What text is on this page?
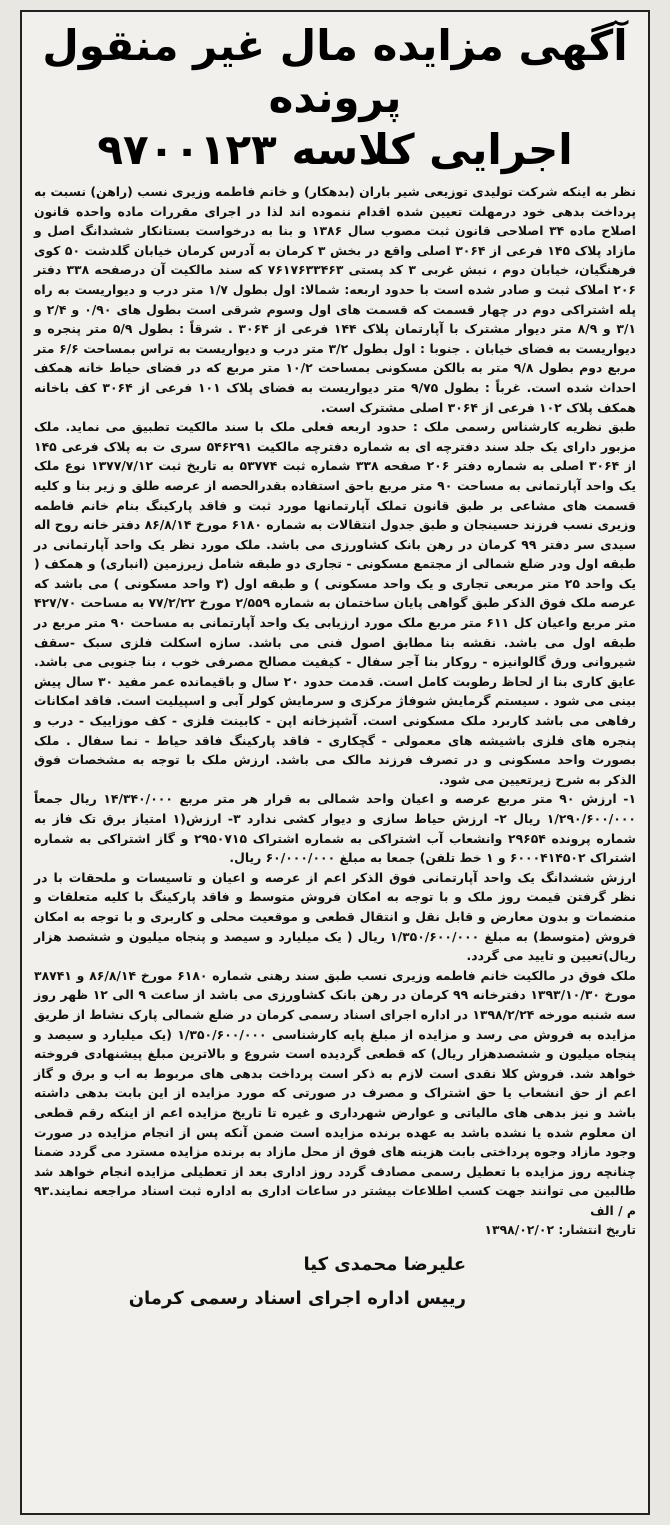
آگهی مزایده مال غیر منقول پرونده
اجرایی کلاسه ۹۷۰۰۱۲۳

نظر به اینکه شرکت تولیدی توزیعی شیر باران (بدهکار) و خانم فاطمه وزیری نسب (راهن) نسبت به پرداخت بدهی خود درمهلت تعیین شده اقدام ننموده اند لذا در اجرای مقررات ماده واحده قانون اصلاح ماده ۳۴ اصلاحی قانون ثبت مصوب سال ۱۳۸۶ و بنا به درخواست بستانکار ششدانگ اصل و مازاد پلاک ۱۴۵ فرعی از ۳۰۶۴ اصلی واقع در بخش ۳ کرمان به آدرس کرمان خیابان گلدشت ۵۰ کوی فرهنگیان، خیابان دوم ، نبش غربی ۳ کد پستی ۷۶۱۷۶۳۳۴۶۳ که سند مالکیت آن درصفحه ۳۳۸ دفتر ۲۰۶ املاک ثبت و صادر شده است با حدود اربعه: شمالا: اول بطول ۱/۷ متر درب و دیواریست به راه پله اشتراکی دوم در چهار قسمت که قسمت های اول وسوم شرقی است بطول های ۰/۹۰ و ۲/۴ و ۳/۱ و ۸/۹ متر دیوار مشترک با آپارتمان پلاک ۱۴۴ فرعی از ۳۰۶۴ . شرقاً : بطول ۵/۹ متر پنجره و دیواریست به فضای خیابان . جنوبا : اول بطول ۳/۲ متر درب و دیواریست به تراس بمساحت ۶/۶ متر مربع دوم بطول ۹/۸ متر به بالکن مسکونی بمساحت ۱۰/۲ متر مربع که در فضای حیاط خانه همکف احداث شده است. غرباً : بطول ۹/۷۵ متر دیواریست به فضای پلاک ۱۰۱ فرعی از ۳۰۶۴ کف باخانه همکف پلاک ۱۰۲ فرعی از ۳۰۶۴ اصلی مشترک است.

طبق نظریه کارشناس رسمی ملک : حدود اربعه فعلی ملک با سند مالکیت تطبیق می نماید. ملک مزبور دارای یک جلد سند دفترچه ای به شماره دفترچه مالکیت ۵۴۶۲۹۱ سری ت به پلاک فرعی ۱۴۵ از ۳۰۶۴ اصلی به شماره دفتر ۲۰۶ صفحه ۳۳۸ شماره ثبت ۵۳۷۷۴ به تاریخ ثبت ۱۳۷۷/۷/۱۲ نوع ملک یک واحد آپارتمانی به مساحت ۹۰ متر مربع باحق استفاده بقدرالحصه از عرصه طلق و زیر بنا و کلیه قسمت های مشاعی بر طبق قانون تملک آپارتمانها مورد ثبت و فاقد پارکینگ بنام خانم فاطمه وزیری نسب فرزند حسینجان و طبق جدول انتقالات به شماره ۶۱۸۰ مورخ ۸۶/۸/۱۴ دفتر خانه روح اله سیدی سر دفتر ۹۹ کرمان در رهن بانک کشاورزی می باشد. ملک مورد نظر یک واحد آپارتمانی در طبقه اول ودر ضلع شمالی از مجتمع مسکونی - تجاری دو طبقه شامل زیرزمین (انباری) و همکف ( یک واحد ۲۵ متر مربعی تجاری و یک واحد مسکونی ) و طبقه اول (۳ واحد مسکونی ) می باشد که عرصه ملک فوق الذکر طبق گواهی پایان ساختمان به شماره ۲/۵۵۹ مورخ ۷۷/۲/۲۲ به مساحت ۴۲۷/۷۰ متر مربع واعیان کل ۶۱۱ متر مربع ملک مورد ارزیابی یک واحد آپارتمانی به مساحت ۹۰ متر مربع در طبقه اول می باشد. نقشه بنا مطابق اصول فنی می باشد. سازه اسکلت فلزی سبک -سقف شیروانی ورق گالوانیزه - روکار بنا آجر سفال - کیفیت مصالح مصرفی خوب ، بنا جنوبی می باشد. عایق کاری بنا از لحاظ رطوبت کامل است. قدمت حدود ۲۰ سال و باقیمانده عمر مفید ۳۰ سال پیش بینی می شود . سیستم گرمایش شوفاژ مرکزی و سرمایش کولر آبی و اسپیلیت است. فاقد امکانات رفاهی می باشد کاربرد ملک مسکونی است. آشپزخانه اپن - کابینت فلزی - کف موزاییک - درب و پنجره های فلزی باشیشه های معمولی - گچکاری - فاقد پارکینگ فاقد حیاط - نما سفال . ملک بصورت واحد مسکونی و در تصرف فرزند مالک می باشد. ارزش ملک با توجه به مشخصات فوق الذکر به شرح زیرتعیین می شود.

۱- ارزش ۹۰ متر مربع عرصه و اعیان واحد شمالی به قرار هر متر مربع ۱۴/۳۴۰/۰۰۰ ریال جمعاً ۱/۲۹۰/۶۰۰/۰۰۰ ریال ۲- ارزش حیاط سازی و دیوار کشی ندارد ۳- ارزش(۱ امتیاز برق تک فاز به شماره پرونده ۲۹۶۵۴ وانشعاب آب اشتراکی به شماره اشتراک ۲۹۵۰۷۱۵ و گاز اشتراکی به شماره اشتراک ۶۰۰۰۴۱۴۵۰۲ و ۱ خط تلفن) جمعا به مبلغ ۶۰/۰۰۰/۰۰۰ ریال.

ارزش ششدانگ یک واحد آپارتمانی فوق الذکر اعم از عرصه و اعیان و تاسیسات و ملحقات با در نظر گرفتن قیمت روز ملک و با توجه به امکان فروش متوسط و فاقد پارکینگ با کلیه متعلقات و منضمات و بدون معارض و قابل نقل و انتقال قطعی و موقعیت محلی و کاربری و با توجه به امکان فروش (متوسط) به مبلغ ۱/۳۵۰/۶۰۰/۰۰۰ ریال ( یک میلیارد و سیصد و پنجاه میلیون و ششصد هزار ریال)تعیین و تایید می گردد.

ملک فوق در مالکیت خانم فاطمه وزیری نسب طبق سند رهنی شماره ۶۱۸۰ مورخ ۸۶/۸/۱۴ و ۳۸۷۴۱ مورخ ۱۳۹۳/۱۰/۳۰ دفترخانه ۹۹ کرمان در رهن بانک کشاورزی می باشد از ساعت ۹ الی ۱۲ ظهر روز سه شنبه مورخه ۱۳۹۸/۲/۲۴ در اداره اجرای اسناد رسمی کرمان در ضلع شمالی پارک نشاط از طریق مزایده به فروش می رسد و مزایده از مبلغ پایه کارشناسی ۱/۳۵۰/۶۰۰/۰۰۰ (یک میلیارد و سیصد و پنجاه میلیون و ششصدهزار ریال) که قطعی گردیده است شروع و بالاترین مبلغ پیشنهادی فروخته خواهد شد. فروش کلا نقدی است لازم به ذکر است پرداخت بدهی های مربوط به اب و برق و گاز اعم از حق انشعاب یا حق اشتراک و مصرف در صورتی که مورد مزایده از این بابت بدهی داشته باشد و نیز بدهی های مالیاتی و عوارض شهرداری و غیره تا تاریخ مزایده اعم از اینکه رقم قطعی ان معلوم شده یا نشده باشد به عهده برنده مزایده است ضمن آنکه پس از انجام مزایده در صورت وجود مازاد وجوه پرداختی بابت هزینه های فوق از محل مازاد به برنده مزایده مسترد می گردد ضمنا چنانچه روز مزایده با تعطیل رسمی مصادف گردد روز اداری بعد از تعطیلی مزایده انجام خواهد شد طالبین می توانند جهت کسب اطلاعات بیشتر در ساعات اداری به اداره ثبت اسناد مراجعه نمایند.۹۳ م / الف

تاریخ انتشار: ۱۳۹۸/۰۲/۰۲
علیرضا محمدی کیا
رییس اداره اجرای اسناد رسمی کرمان
